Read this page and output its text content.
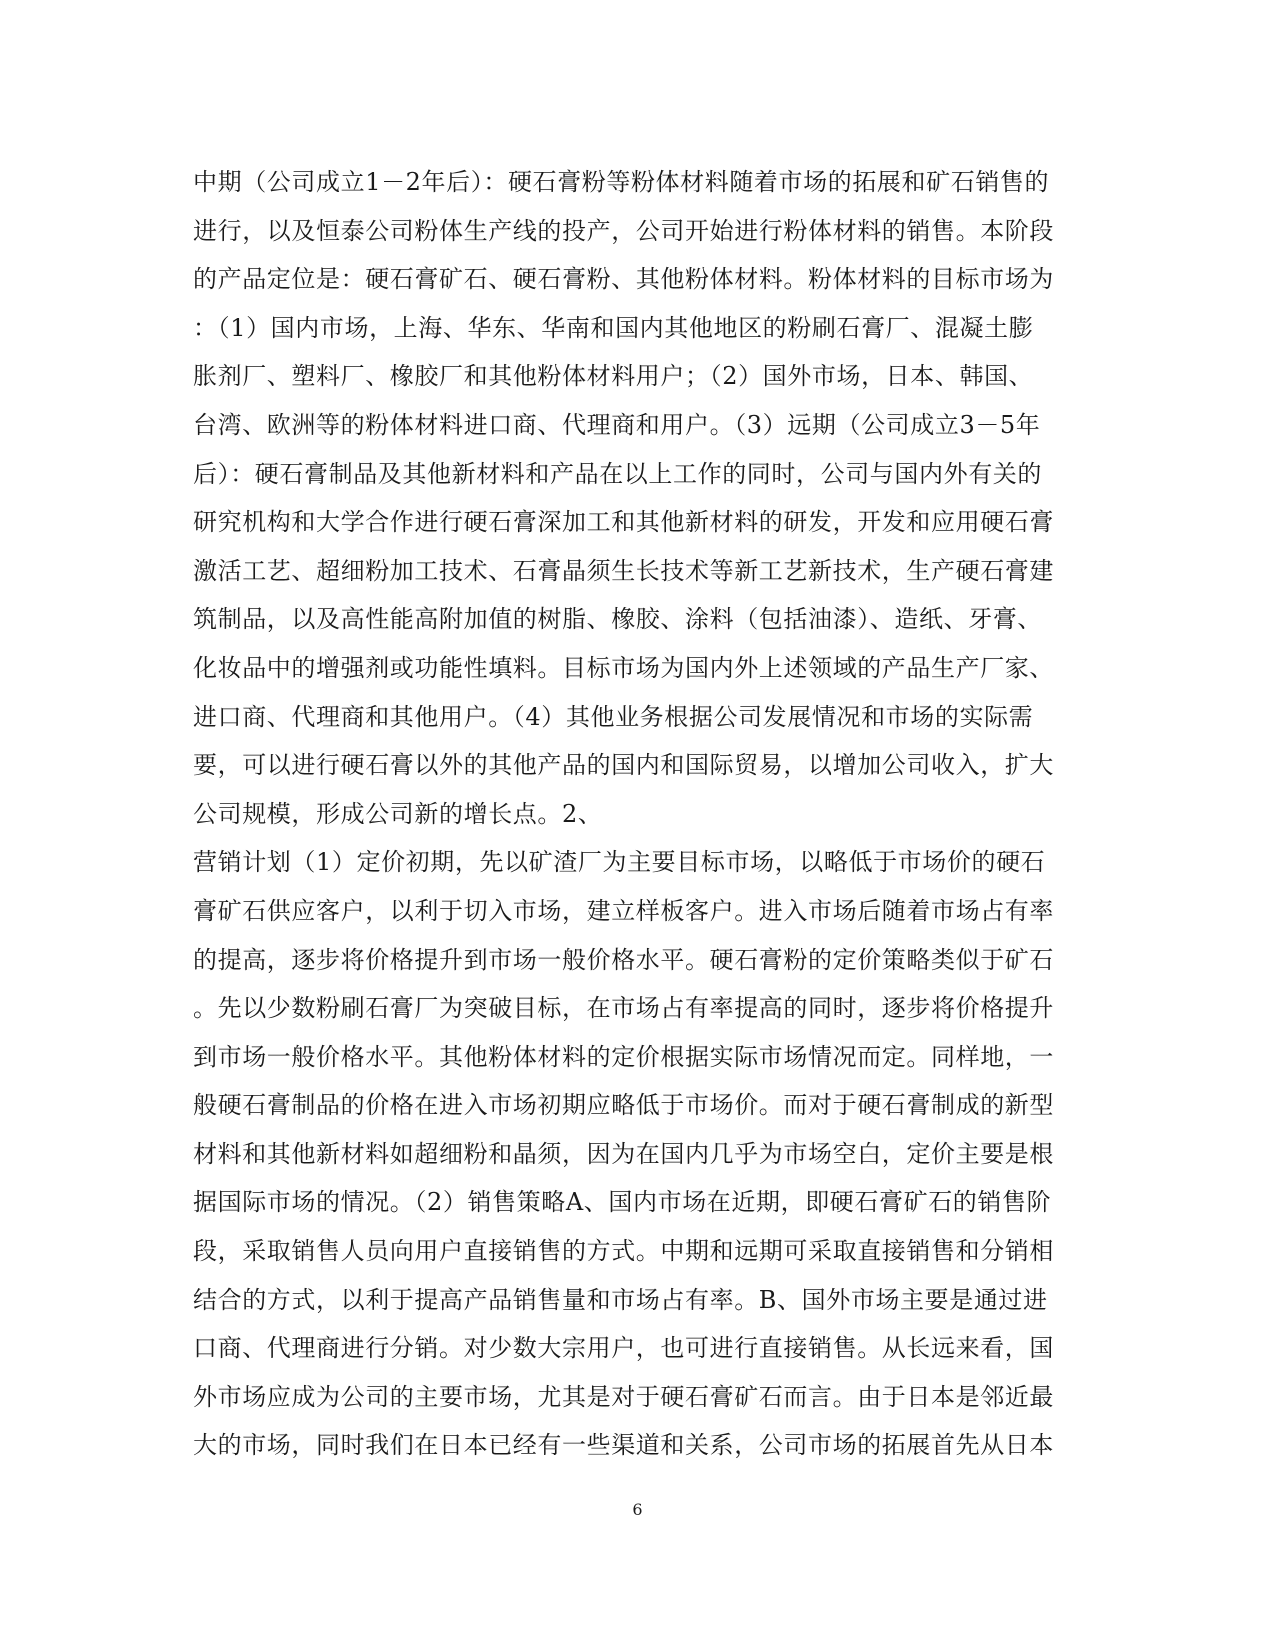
中期（公司成立1－2年后）：硬石膏粉等粉体材料随着市场的拓展和矿石销售的
进行，以及恒泰公司粉体生产线的投产，公司开始进行粉体材料的销售。本阶段
的产品定位是：硬石膏矿石、硬石膏粉、其他粉体材料。粉体材料的目标市场为
：（1）国内市场，上海、华东、华南和国内其他地区的粉刷石膏厂、混凝土膨
胀剂厂、塑料厂、橡胶厂和其他粉体材料用户；（2）国外市场，日本、韩国、
台湾、欧洲等的粉体材料进口商、代理商和用户。（3）远期（公司成立3－5年
后）：硬石膏制品及其他新材料和产品在以上工作的同时，公司与国内外有关的
研究机构和大学合作进行硬石膏深加工和其他新材料的研发，开发和应用硬石膏
激活工艺、超细粉加工技术、石膏晶须生长技术等新工艺新技术，生产硬石膏建
筑制品，以及高性能高附加值的树脂、橡胶、涂料（包括油漆）、造纸、牙膏、
化妆品中的增强剂或功能性填料。目标市场为国内外上述领域的产品生产厂家、
进口商、代理商和其他用户。（4）其他业务根据公司发展情况和市场的实际需
要，可以进行硬石膏以外的其他产品的国内和国际贸易，以增加公司收入，扩大
公司规模，形成公司新的增长点。2、
营销计划（1）定价初期，先以矿渣厂为主要目标市场，以略低于市场价的硬石
膏矿石供应客户，以利于切入市场，建立样板客户。进入市场后随着市场占有率
的提高，逐步将价格提升到市场一般价格水平。硬石膏粉的定价策略类似于矿石
。先以少数粉刷石膏厂为突破目标，在市场占有率提高的同时，逐步将价格提升
到市场一般价格水平。其他粉体材料的定价根据实际市场情况而定。同样地，一
般硬石膏制品的价格在进入市场初期应略低于市场价。而对于硬石膏制成的新型
材料和其他新材料如超细粉和晶须，因为在国内几乎为市场空白，定价主要是根
据国际市场的情况。（2）销售策略A、国内市场在近期，即硬石膏矿石的销售阶
段，采取销售人员向用户直接销售的方式。中期和远期可采取直接销售和分销相
结合的方式，以利于提高产品销售量和市场占有率。B、国外市场主要是通过进
口商、代理商进行分销。对少数大宗用户，也可进行直接销售。从长远来看，国
外市场应成为公司的主要市场，尤其是对于硬石膏矿石而言。由于日本是邻近最
大的市场，同时我们在日本已经有一些渠道和关系，公司市场的拓展首先从日本
6
